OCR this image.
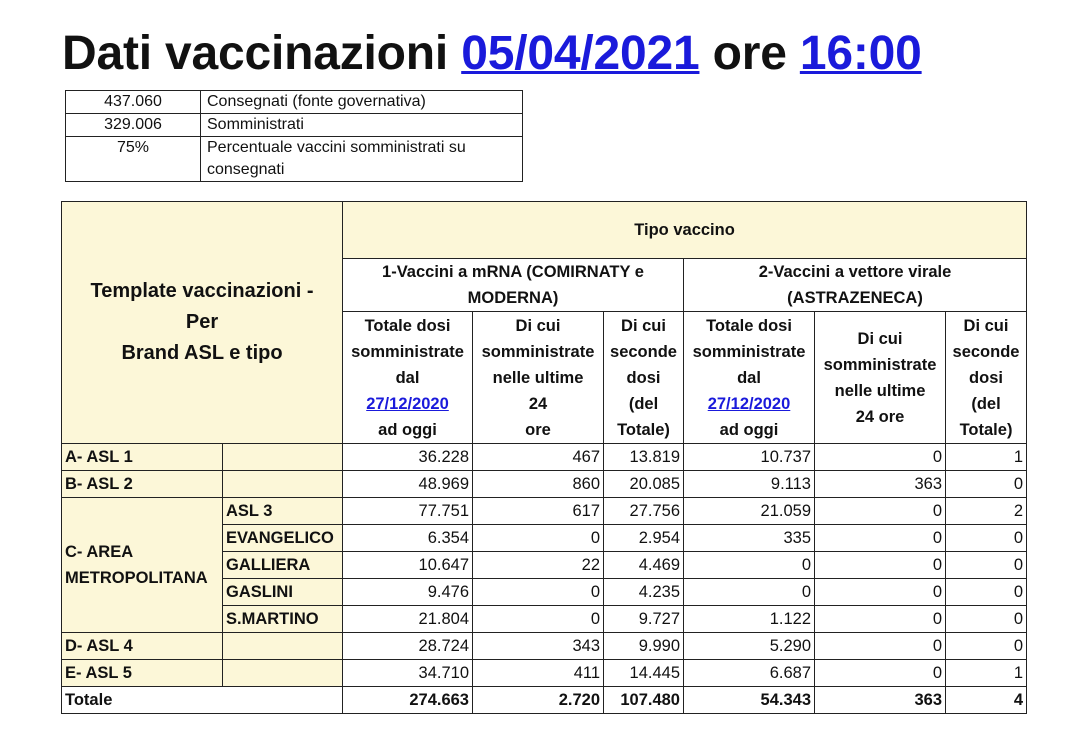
Dati vaccinazioni 05/04/2021 ore 16:00
437.060	Consegnati (fonte governativa)
329.006	Somministrati
75%	Percentuale vaccini somministrati su consegnati
Template vaccinazioni -
Per
Brand ASL e tipo		Tipo vaccino					
		1-Vaccini a mRNA (COMIRNATY e
MODERNA)			2-Vaccini a vettore virale
(ASTRAZENECA)		
		Totale dosi
somministrate
dal
27/12/2020
ad oggi	Di cui
somministrate
nelle ultime
24
ore	Di cui
seconde
dosi
(del
Totale)	Totale dosi
somministrate
dal
27/12/2020
ad oggi	Di cui
somministrate
nelle ultime
24 ore	Di cui
seconde
dosi
(del
Totale)
A- ASL 1		36.228	467	13.819	10.737	0	1
B- ASL 2		48.969	860	20.085	9.113	363	0
C- AREA
METROPOLITANA	ASL 3	77.751	617	27.756	21.059	0	2
	EVANGELICO	6.354	0	2.954	335	0	0
	GALLIERA	10.647	22	4.469	0	0	0
	GASLINI	9.476	0	4.235	0	0	0
	S.MARTINO	21.804	0	9.727	1.122	0	0
D- ASL 4		28.724	343	9.990	5.290	0	0
E- ASL 5		34.710	411	14.445	6.687	0	1
Totale		274.663	2.720	107.480	54.343	363	4
